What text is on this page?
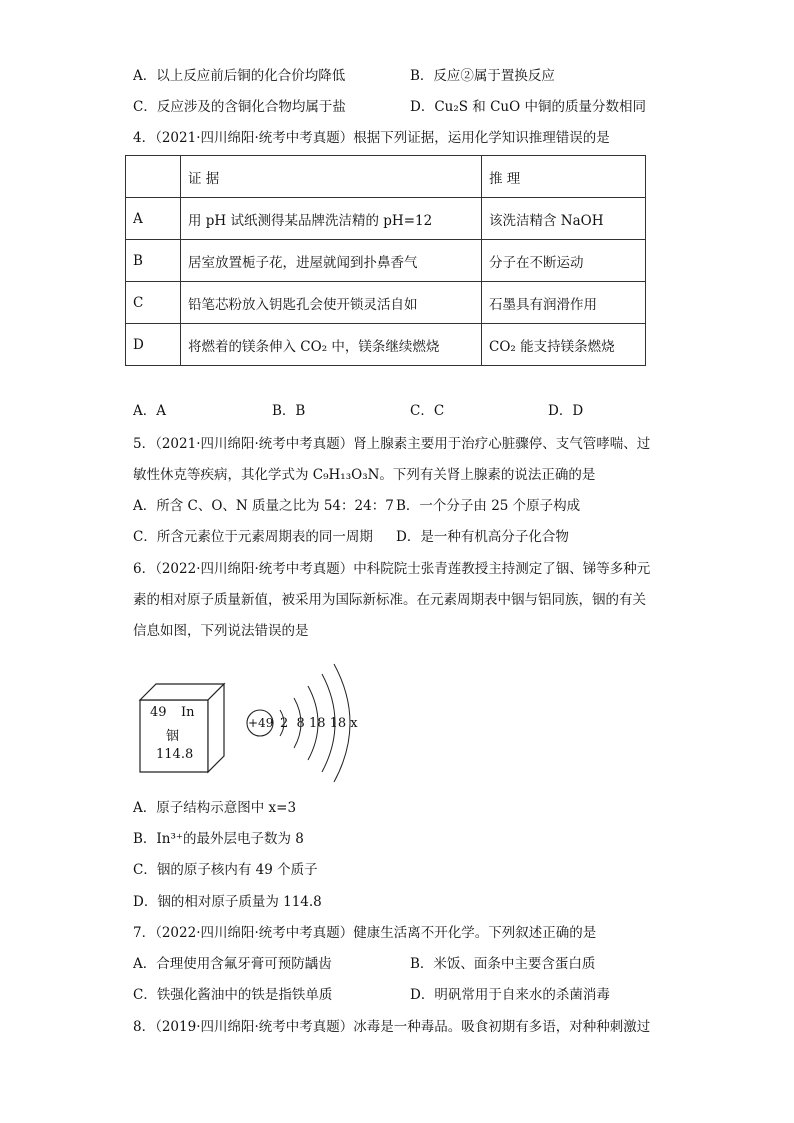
A．以上反应前后铜的化合价均降低	B．反应②属于置换反应
C．反应涉及的含铜化合物均属于盐	D．Cu₂S 和 CuO 中铜的质量分数相同
4．（2021·四川绵阳·统考中考真题）根据下列证据，运用化学知识推理错误的是
	证 据	推 理
A	用 pH 试纸测得某品牌洗洁精的 pH=12	该洗洁精含 NaOH
B	居室放置栀子花，进屋就闻到扑鼻香气	分子在不断运动
C	铅笔芯粉放入钥匙孔会使开锁灵活自如	石墨具有润滑作用
D	将燃着的镁条伸入 CO₂ 中，镁条继续燃烧	CO₂ 能支持镁条燃烧
A．A	B．B	C．C	D．D
5．（2021·四川绵阳·统考中考真题）肾上腺素主要用于治疗心脏骤停、支气管哮喘、过
敏性休克等疾病，其化学式为 C₉H₁₃O₃N。下列有关肾上腺素的说法正确的是
A．所含 C、O、N 质量之比为 54：24：7 B．一个分子由 25 个原子构成
C．所含元素位于元素周期表的同一周期 D．是一种有机高分子化合物
6．（2022·四川绵阳·统考中考真题）中科院院士张青莲教授主持测定了铟、锑等多种元
素的相对原子质量新值，被采用为国际新标准。在元素周期表中铟与铝同族，铟的有关
信息如图，下列说法错误的是
49 In
铟
114.8
+49 2  8 18 18 x
A．原子结构示意图中 x=3
B．In³⁺的最外层电子数为 8
C．铟的原子核内有 49 个质子
D．铟的相对原子质量为 114.8
7．（2022·四川绵阳·统考中考真题）健康生活离不开化学。下列叙述正确的是
A．合理使用含氟牙膏可预防龋齿	B．米饭、面条中主要含蛋白质
C．铁强化酱油中的铁是指铁单质	D．明矾常用于自来水的杀菌消毒
8．（2019·四川绵阳·统考中考真题）冰毒是一种毒品。吸食初期有多语，对种种刺激过
